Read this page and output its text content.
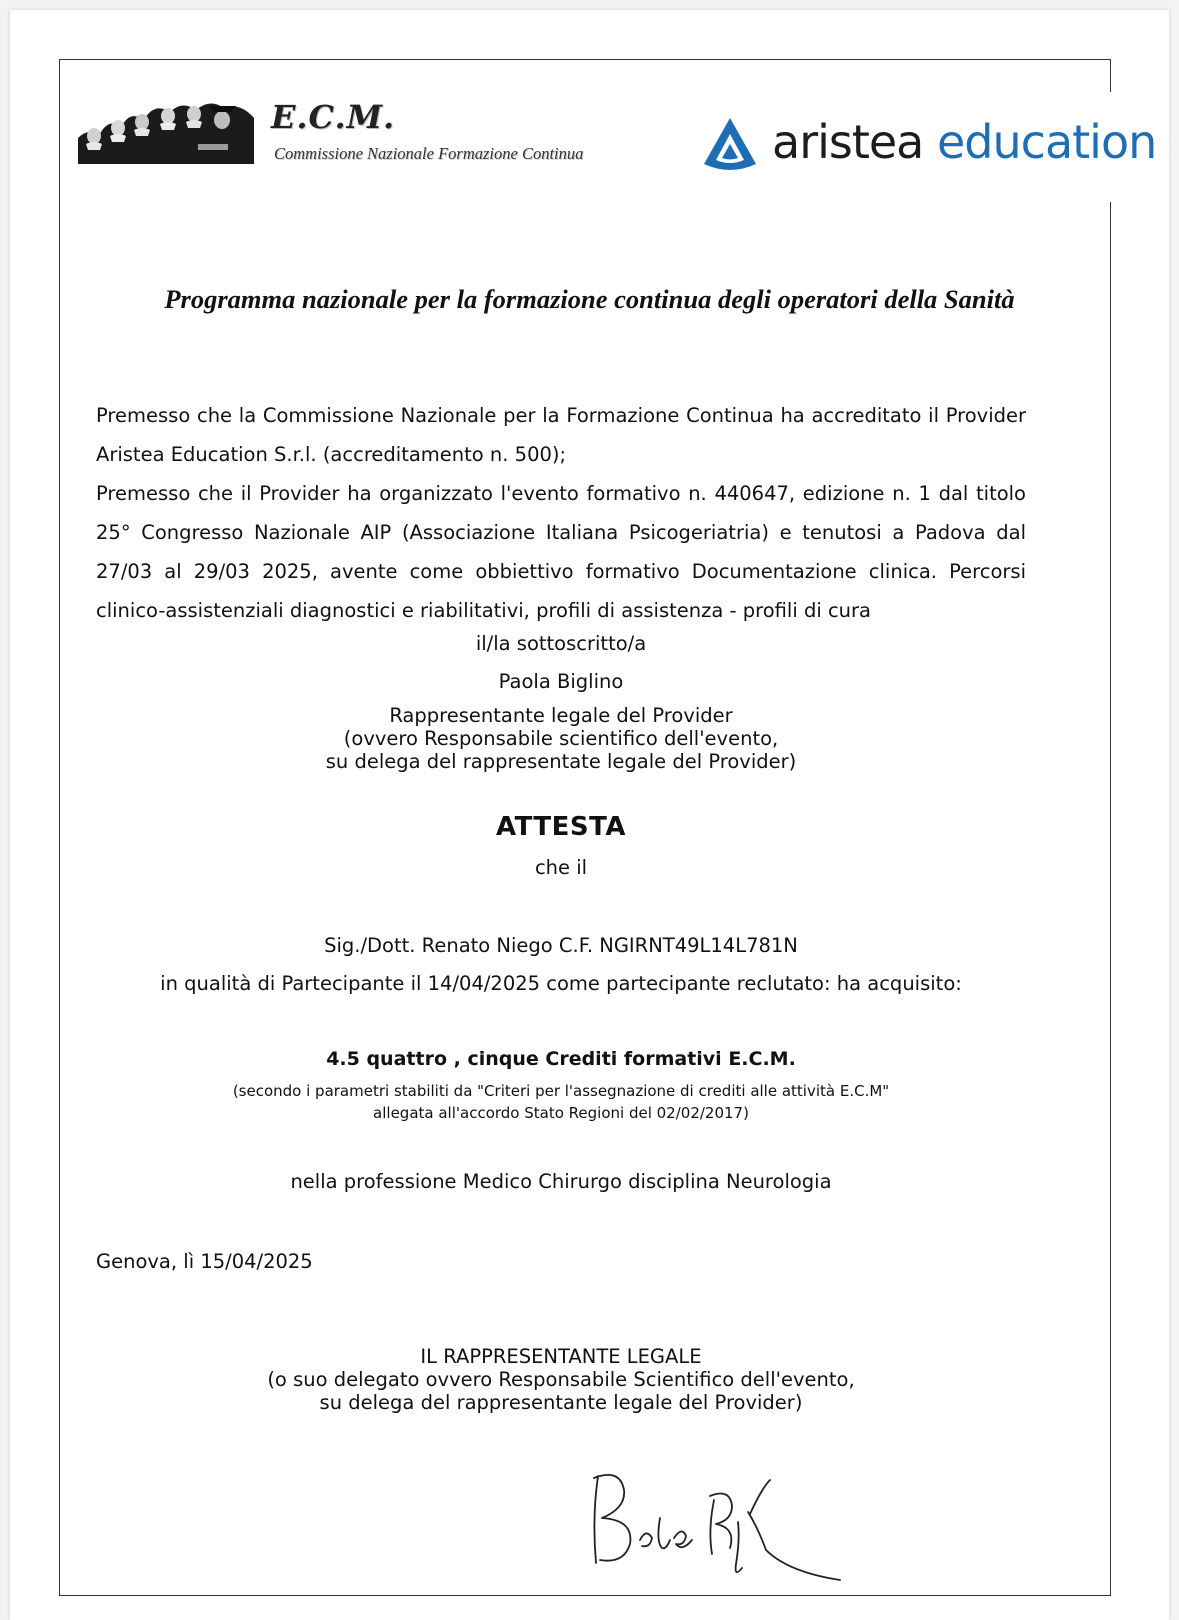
E.C.M.
Commissione Nazionale Formazione Continua	aristea education
Programma nazionale per la formazione continua degli operatori della Sanità

Premesso che la Commissione Nazionale per la Formazione Continua ha accreditato il Provider Aristea Education S.r.l. (accreditamento n. 500);

Premesso che il Provider ha organizzato l'evento formativo n. 440647, edizione n. 1 dal titolo 25° Congresso Nazionale AIP (Associazione Italiana Psicogeriatria) e tenutosi a Padova dal 27/03 al 29/03 2025, avente come obbiettivo formativo Documentazione clinica. Percorsi clinico-assistenziali diagnostici e riabilitativi, profili di assistenza - profili di cura

il/la sottoscritto/a
Paola Biglino
Rappresentante legale del Provider
(ovvero Responsabile scientifico dell'evento,
su delega del rappresentate legale del Provider)
ATTESTA
che il
Sig./Dott. Renato Niego C.F. NGIRNT49L14L781N
in qualità di Partecipante il 14/04/2025 come partecipante reclutato: ha acquisito:
4.5 quattro , cinque Crediti formativi E.C.M.
(secondo i parametri stabiliti da "Criteri per l'assegnazione di crediti alle attività E.C.M"
allegata all'accordo Stato Regioni del 02/02/2017)
nella professione Medico Chirurgo disciplina Neurologia
Genova, lì 15/04/2025
IL RAPPRESENTANTE LEGALE
(o suo delegato ovvero Responsabile Scientifico dell'evento,
su delega del rappresentante legale del Provider)
